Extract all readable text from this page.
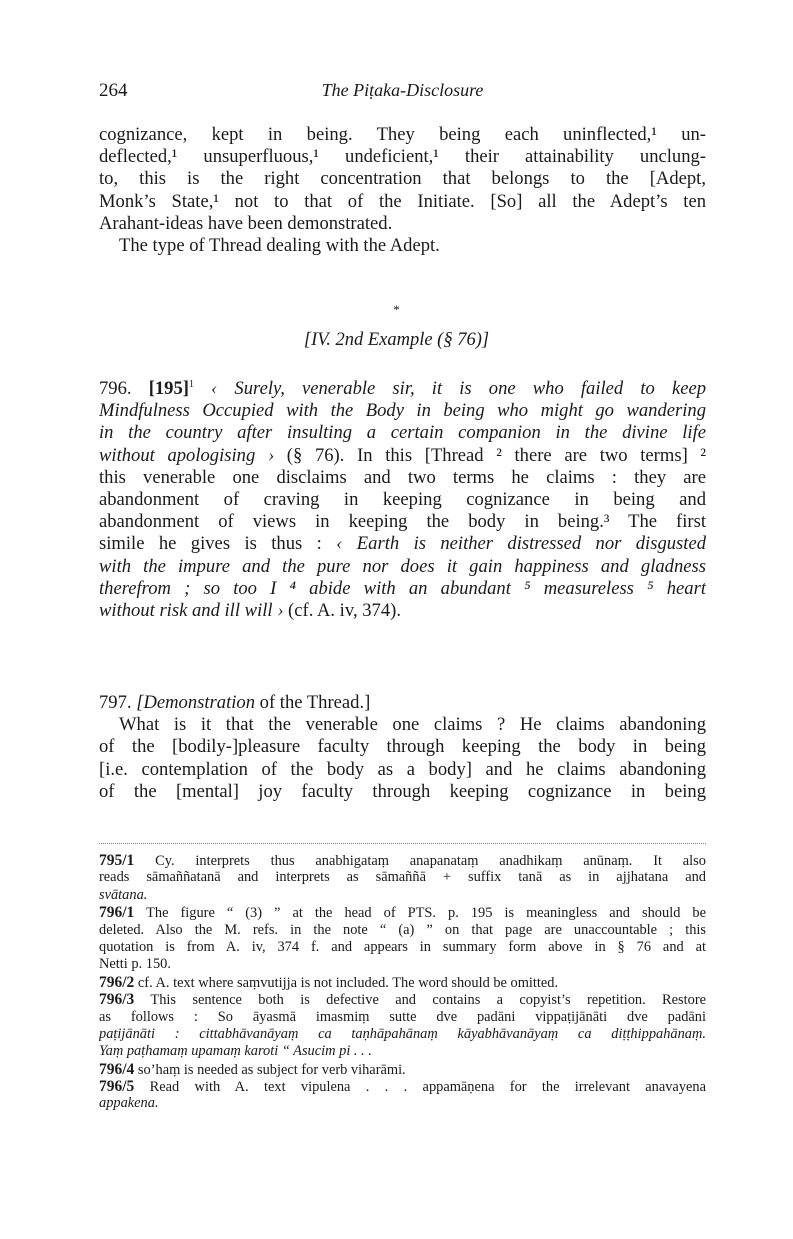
264	The Piṭaka-Disclosure
cognizance, kept in being. They being each uninflected,¹ un-
deflected,¹ unsuperfluous,¹ undeficient,¹ their attainability unclung-
to, this is the right concentration that belongs to the [Adept,
Monk’s State,¹ not to that of the Initiate. [So] all the Adept’s ten
Arahant-ideas have been demonstrated.
The type of Thread dealing with the Adept.
*
[IV. 2nd Example (§ 76)]
796. $[195]^1$ ‹ Surely, venerable sir, it is one who failed to keep
Mindfulness Occupied with the Body in being who might go wandering
in the country after insulting a certain companion in the divine life
without apologising › (§ 76). In this [Thread ² there are two terms] ²
this venerable one disclaims and two terms he claims : they are
abandonment of craving in keeping cognizance in being and
abandonment of views in keeping the body in being.³ The first
simile he gives is thus : ‹ Earth is neither distressed nor disgusted
with the impure and the pure nor does it gain happiness and gladness
therefrom ; so too I ⁴ abide with an abundant ⁵ measureless ⁵ heart
without risk and ill will › (cf. A. iv, 374).
797. [Demonstration of the Thread.]
What is it that the venerable one claims ? He claims abandoning
of the [bodily-]pleasure faculty through keeping the body in being
[i.e. contemplation of the body as a body] and he claims abandoning
of the [mental] joy faculty through keeping cognizance in being
795/1 Cy. interprets thus anabhigataṃ anapanataṃ anadhikaṃ anūnaṃ. It also
reads sāmaññatanā and interprets as sāmaññā + suffix tanā as in ajjhatana and
svātana.
796/1 The figure “ (3) ” at the head of PTS. p. 195 is meaningless and should be
deleted. Also the M. refs. in the note “ (a) ” on that page are unaccountable ; this
quotation is from A. iv, 374 f. and appears in summary form above in § 76 and at
Netti p. 150.
796/2 cf. A. text where saṃvutijja is not included. The word should be omitted.
796/3 This sentence both is defective and contains a copyist’s repetition. Restore
as follows : So āyasmā imasmiṃ sutte dve padāni vippaṭijānāti dve padāni
paṭijānāti : cittabhāvanāyaṃ ca taṇhāpahānaṃ kāyabhāvanāyaṃ ca diṭṭhippahānaṃ.
Yaṃ paṭhamaṃ upamaṃ karoti “ Asucim pi . . .
796/4 so’haṃ is needed as subject for verb viharāmi.
796/5 Read with A. text vipulena . . . appamāṇena for the irrelevant anavayena
appakena.
